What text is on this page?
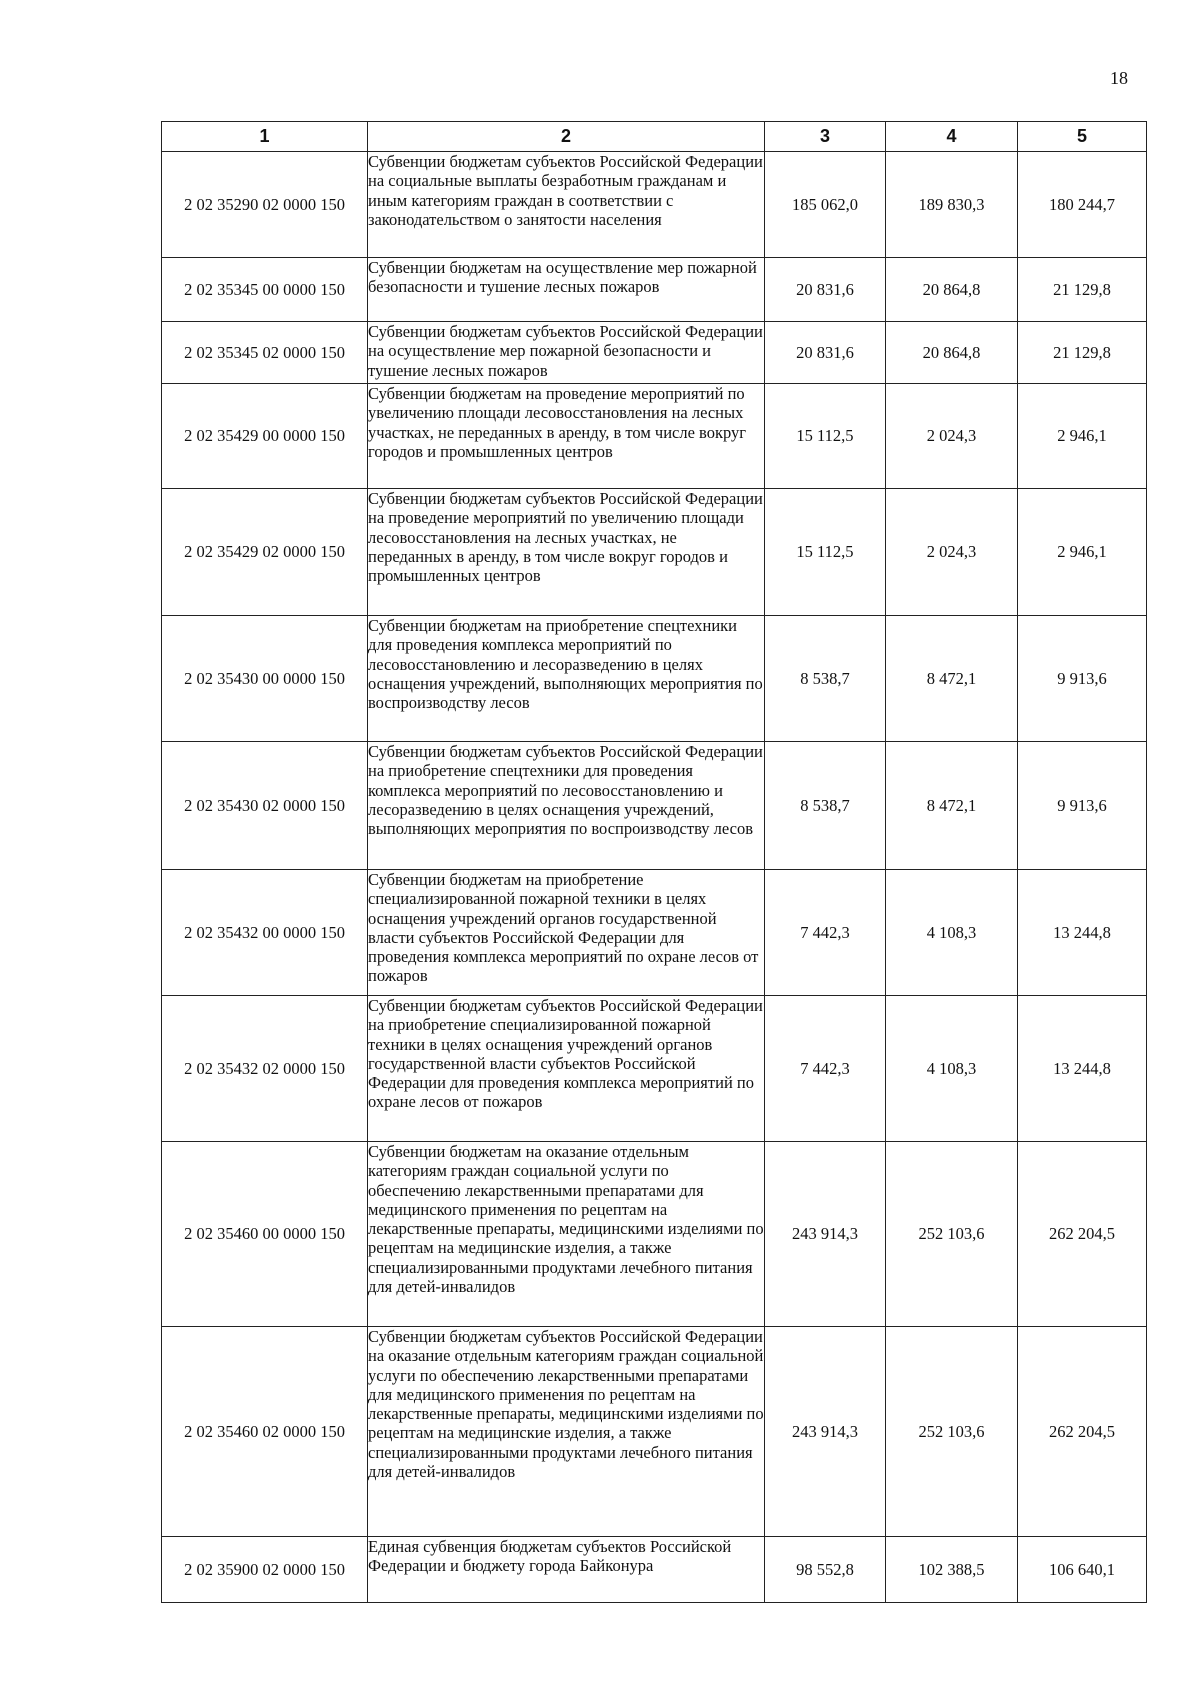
18
1	2	3	4	5
2 02 35290 02 0000 150	Субвенции бюджетам субъектов Российской Федерации на социальные выплаты безработным гражданам и иным категориям граждан в соответствии с законодательством о занятости населения	185 062,0	189 830,3	180 244,7
2 02 35345 00 0000 150	Субвенции бюджетам на осуществление мер пожарной безопасности и тушение лесных пожаров	20 831,6	20 864,8	21 129,8
2 02 35345 02 0000 150	Субвенции бюджетам субъектов Российской Федерации на осуществление мер пожарной безопасности и тушение лесных пожаров	20 831,6	20 864,8	21 129,8
2 02 35429 00 0000 150	Субвенции бюджетам на проведение мероприятий по увеличению площади лесовосстановления на лесных участках, не переданных в аренду, в том числе вокруг городов и промышленных центров	15 112,5	2 024,3	2 946,1
2 02 35429 02 0000 150	Субвенции бюджетам субъектов Российской Федерации на проведение мероприятий по увеличению площади лесовосстановления на лесных участках, не переданных в аренду, в том числе вокруг городов и промышленных центров	15 112,5	2 024,3	2 946,1
2 02 35430 00 0000 150	Субвенции бюджетам на приобретение спецтехники для проведения комплекса мероприятий по лесовосстановлению и лесоразведению в целях оснащения учреждений, выполняющих мероприятия по воспроизводству лесов	8 538,7	8 472,1	9 913,6
2 02 35430 02 0000 150	Субвенции бюджетам субъектов Российской Федерации на приобретение спецтехники для проведения комплекса мероприятий по лесовосстановлению и лесоразведению в целях оснащения учреждений, выполняющих мероприятия по воспроизводству лесов	8 538,7	8 472,1	9 913,6
2 02 35432 00 0000 150	Субвенции бюджетам на приобретение специализированной пожарной техники в целях оснащения учреждений органов государственной власти субъектов Российской Федерации для проведения комплекса мероприятий по охране лесов от пожаров	7 442,3	4 108,3	13 244,8
2 02 35432 02 0000 150	Субвенции бюджетам субъектов Российской Федерации на приобретение специализированной пожарной техники в целях оснащения учреждений органов государственной власти субъектов Российской Федерации для проведения комплекса мероприятий по охране лесов от пожаров	7 442,3	4 108,3	13 244,8
2 02 35460 00 0000 150	Субвенции бюджетам на оказание отдельным категориям граждан социальной услуги по обеспечению лекарственными препаратами для медицинского применения по рецептам на лекарственные препараты, медицинскими изделиями по рецептам на медицинские изделия, а также специализированными продуктами лечебного питания для детей-инвалидов	243 914,3	252 103,6	262 204,5
2 02 35460 02 0000 150	Субвенции бюджетам субъектов Российской Федерации на оказание отдельным категориям граждан социальной услуги по обеспечению лекарственными препаратами для медицинского применения по рецептам на лекарственные препараты, медицинскими изделиями по рецептам на медицинские изделия, а также специализированными продуктами лечебного питания для детей-инвалидов	243 914,3	252 103,6	262 204,5
2 02 35900 02 0000 150	Единая субвенция бюджетам субъектов Российской Федерации и бюджету города Байконура	98 552,8	102 388,5	106 640,1
